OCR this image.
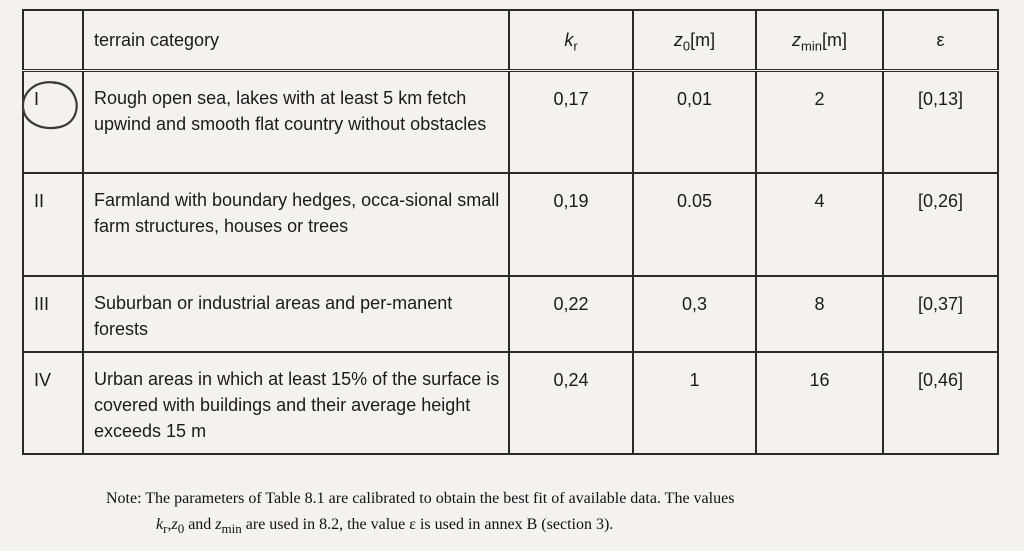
	terrain category	$k_r$	$z_0[m]$	$z_{min}[m]$	ε
I	Rough open sea, lakes with at least 5 km fetch upwind and smooth flat country without obstacles	0,17	0,01	2	[0,13]
II	Farmland with boundary hedges, occa-sional small farm structures, houses or trees	0,19	0.05	4	[0,26]
III	Suburban or industrial areas and per-manent forests	0,22	0,3	8	[0,37]
IV	Urban areas in which at least 15% of the surface is covered with buildings and their average height exceeds 15 m	0,24	1	16	[0,46]
Note: The parameters of Table 8.1 are calibrated to obtain the best fit of available data. The values
$k_r,z_0$ and $z_{min}$ are used in 8.2, the value ε is used in annex B (section 3).
